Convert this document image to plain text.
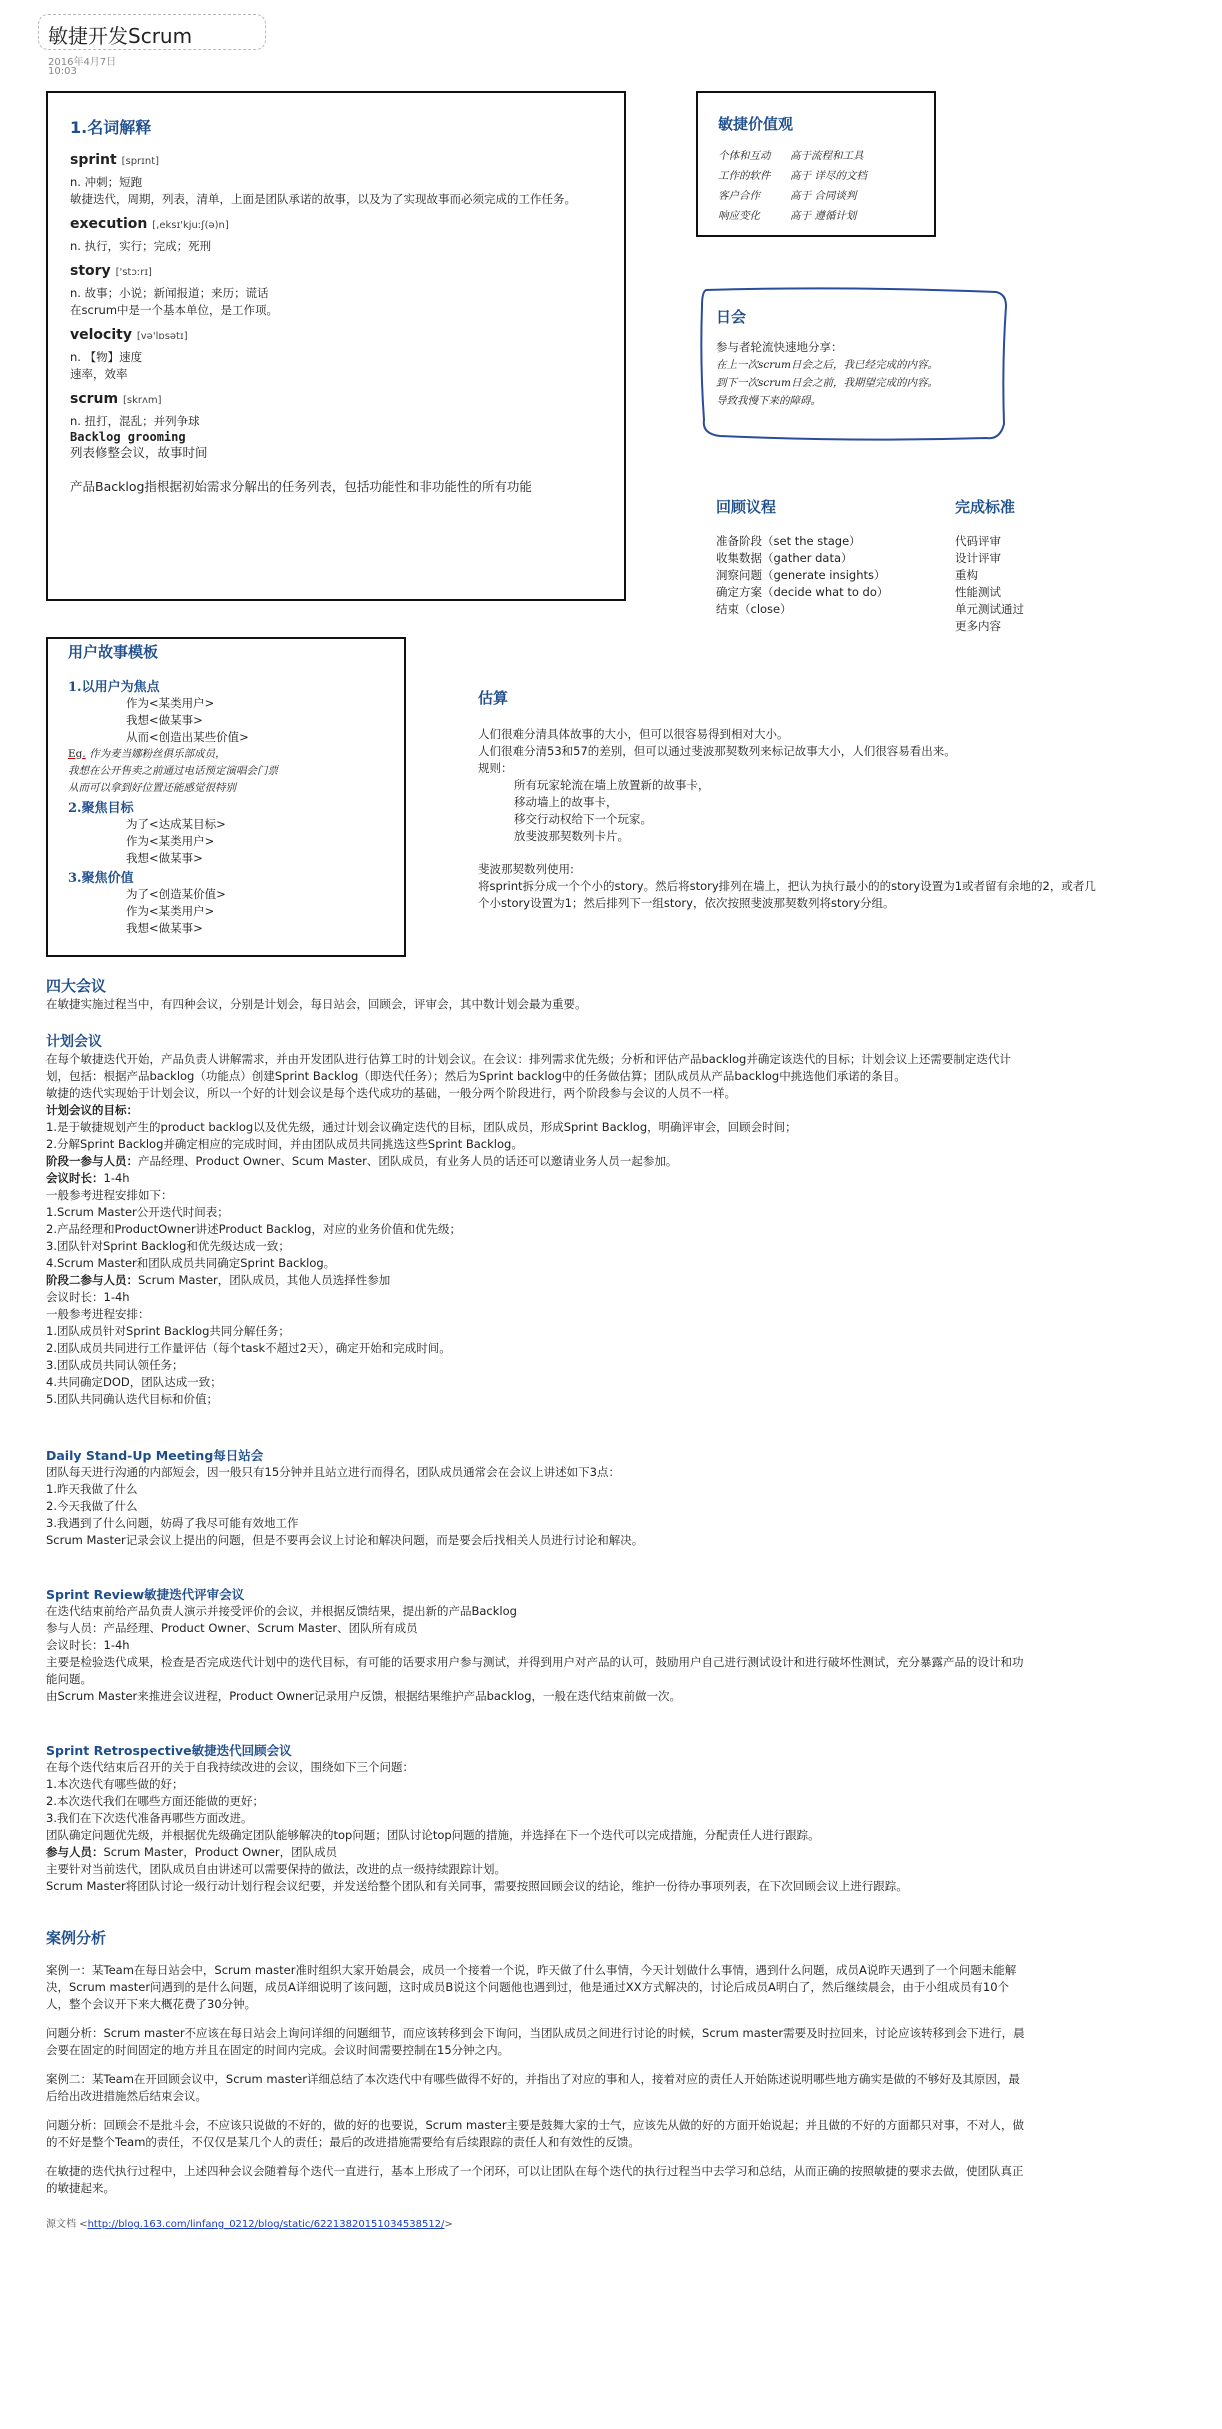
敏捷开发Scrum
2016年4月7日
10:03
1.名词解释
sprint [sprɪnt]
n. 冲刺；短跑
敏捷迭代，周期，列表，清单，上面是团队承诺的故事，以及为了实现故事而必须完成的工作任务。
execution [,eksɪ'kjuːʃ(ə)n]
n. 执行，实行；完成；死刑
story ['stɔːrɪ]
n. 故事；小说；新闻报道；来历；谎话
在scrum中是一个基本单位，是工作项。
velocity [və'lɒsətɪ]
n. 【物】速度
速率，效率
scrum [skrʌm]
n. 扭打，混乱；并列争球
Backlog grooming
列表修整会议，故事时间
产品Backlog指根据初始需求分解出的任务列表，包括功能性和非功能性的所有功能
敏捷价值观
个体和互动	高于流程和工具
工作的软件	高于 详尽的文档
客户合作	高于 合同谈判
响应变化	高于 遵循计划
日会
参与者轮流快速地分享：
在上一次scrum日会之后，我已经完成的内容。
到下一次scrum日会之前，我期望完成的内容。
导致我慢下来的障碍。
回顾议程
准备阶段（set the stage）
收集数据（gather data）
洞察问题（generate insights）
确定方案（decide what to do）
结束（close）
完成标准
代码评审
设计评审
重构
性能测试
单元测试通过
更多内容
用户故事模板
1.以用户为焦点
作为<某类用户>
我想<做某事>
从而<创造出某些价值>
Eg. 作为麦当娜粉丝俱乐部成员，
我想在公开售卖之前通过电话预定演唱会门票
从而可以拿到好位置还能感觉很特别
2.聚焦目标
为了<达成某目标>
作为<某类用户>
我想<做某事>
3.聚焦价值
为了<创造某价值>
作为<某类用户>
我想<做某事>
估算
人们很难分清具体故事的大小，但可以很容易得到相对大小。
人们很难分清53和57的差别，但可以通过斐波那契数列来标记故事大小，人们很容易看出来。
规则：
所有玩家轮流在墙上放置新的故事卡，
移动墙上的故事卡，
移交行动权给下一个玩家。
放斐波那契数列卡片。
斐波那契数列使用:
将sprint拆分成一个个小的story。然后将story排列在墙上，把认为执行最小的的story设置为1或者留有余地的2，或者几个小story设置为1；然后排列下一组story，依次按照斐波那契数列将story分组。
四大会议
在敏捷实施过程当中，有四种会议，分别是计划会，每日站会，回顾会，评审会，其中数计划会最为重要。
计划会议
在每个敏捷迭代开始，产品负责人讲解需求，并由开发团队进行估算工时的计划会议。在会议：排列需求优先级；分析和评估产品backlog并确定该迭代的目标；计划会议上还需要制定迭代计划，包括：根据产品backlog（功能点）创建Sprint Backlog（即迭代任务）；然后为Sprint backlog中的任务做估算；团队成员从产品backlog中挑选他们承诺的条目。
敏捷的迭代实现始于计划会议，所以一个好的计划会议是每个迭代成功的基础，一般分两个阶段进行，两个阶段参与会议的人员不一样。
计划会议的目标：
1.是于敏捷规划产生的product backlog以及优先级，通过计划会议确定迭代的目标，团队成员，形成Sprint Backlog，明确评审会，回顾会时间；
2.分解Sprint Backlog并确定相应的完成时间，并由团队成员共同挑选这些Sprint Backlog。
阶段一参与人员：产品经理、Product Owner、Scum Master、团队成员，有业务人员的话还可以邀请业务人员一起参加。
会议时长：1-4h
一般参考进程安排如下：
1.Scrum Master公开迭代时间表；
2.产品经理和ProductOwner讲述Product Backlog，对应的业务价值和优先级；
3.团队针对Sprint Backlog和优先级达成一致；
4.Scrum Master和团队成员共同确定Sprint Backlog。
阶段二参与人员：Scrum Master，团队成员，其他人员选择性参加
会议时长：1-4h
一般参考进程安排：
1.团队成员针对Sprint Backlog共同分解任务；
2.团队成员共同进行工作量评估（每个task不超过2天），确定开始和完成时间。
3.团队成员共同认领任务；
4.共同确定DOD，团队达成一致；
5.团队共同确认迭代目标和价值；
Daily Stand-Up Meeting每日站会
团队每天进行沟通的内部短会，因一般只有15分钟并且站立进行而得名，团队成员通常会在会议上讲述如下3点：
1.昨天我做了什么
2.今天我做了什么
3.我遇到了什么问题，妨碍了我尽可能有效地工作
Scrum Master记录会议上提出的问题，但是不要再会议上讨论和解决问题，而是要会后找相关人员进行讨论和解决。
Sprint Review敏捷迭代评审会议
在迭代结束前给产品负责人演示并接受评价的会议，并根据反馈结果，提出新的产品Backlog
参与人员：产品经理、Product Owner、Scrum Master、团队所有成员
会议时长：1-4h
主要是检验迭代成果，检查是否完成迭代计划中的迭代目标，有可能的话要求用户参与测试，并得到用户对产品的认可，鼓励用户自己进行测试设计和进行破坏性测试，充分暴露产品的设计和功能问题。
由Scrum Master来推进会议进程，Product Owner记录用户反馈，根据结果维护产品backlog，一般在迭代结束前做一次。
Sprint Retrospective敏捷迭代回顾会议
在每个迭代结束后召开的关于自我持续改进的会议，围绕如下三个问题：
1.本次迭代有哪些做的好；
2.本次迭代我们在哪些方面还能做的更好；
3.我们在下次迭代准备再哪些方面改进。
团队确定问题优先级，并根据优先级确定团队能够解决的top问题；团队讨论top问题的措施，并选择在下一个迭代可以完成措施，分配责任人进行跟踪。
参与人员：Scrum Master，Product Owner，团队成员
主要针对当前迭代，团队成员自由讲述可以需要保持的做法，改进的点一级持续跟踪计划。
Scrum Master将团队讨论一级行动计划行程会议纪要，并发送给整个团队和有关同事，需要按照回顾会议的结论，维护一份待办事项列表，在下次回顾会议上进行跟踪。
案例分析
案例一：某Team在每日站会中，Scrum master准时组织大家开始晨会，成员一个接着一个说，昨天做了什么事情，今天计划做什么事情，遇到什么问题，成员A说昨天遇到了一个问题未能解决，Scrum master问遇到的是什么问题，成员A详细说明了该问题，这时成员B说这个问题他也遇到过，他是通过XX方式解决的，讨论后成员A明白了，然后继续晨会，由于小组成员有10个人，整个会议开下来大概花费了30分钟。
问题分析：Scrum master不应该在每日站会上询问详细的问题细节，而应该转移到会下询问，当团队成员之间进行讨论的时候，Scrum master需要及时拉回来，讨论应该转移到会下进行，晨会要在固定的时间固定的地方并且在固定的时间内完成。会议时间需要控制在15分钟之内。
案例二：某Team在开回顾会议中，Scrum master详细总结了本次迭代中有哪些做得不好的，并指出了对应的事和人，接着对应的责任人开始陈述说明哪些地方确实是做的不够好及其原因，最后给出改进措施然后结束会议。
问题分析：回顾会不是批斗会，不应该只说做的不好的，做的好的也要说，Scrum master主要是鼓舞大家的士气，应该先从做的好的方面开始说起；并且做的不好的方面都只对事，不对人，做的不好是整个Team的责任，不仅仅是某几个人的责任；最后的改进措施需要给有后续跟踪的责任人和有效性的反馈。
在敏捷的迭代执行过程中，上述四种会议会随着每个迭代一直进行，基本上形成了一个闭环，可以让团队在每个迭代的执行过程当中去学习和总结，从而正确的按照敏捷的要求去做，使团队真正的敏捷起来。
源文档 <http://blog.163.com/linfang_0212/blog/static/62213820151034538512/>
